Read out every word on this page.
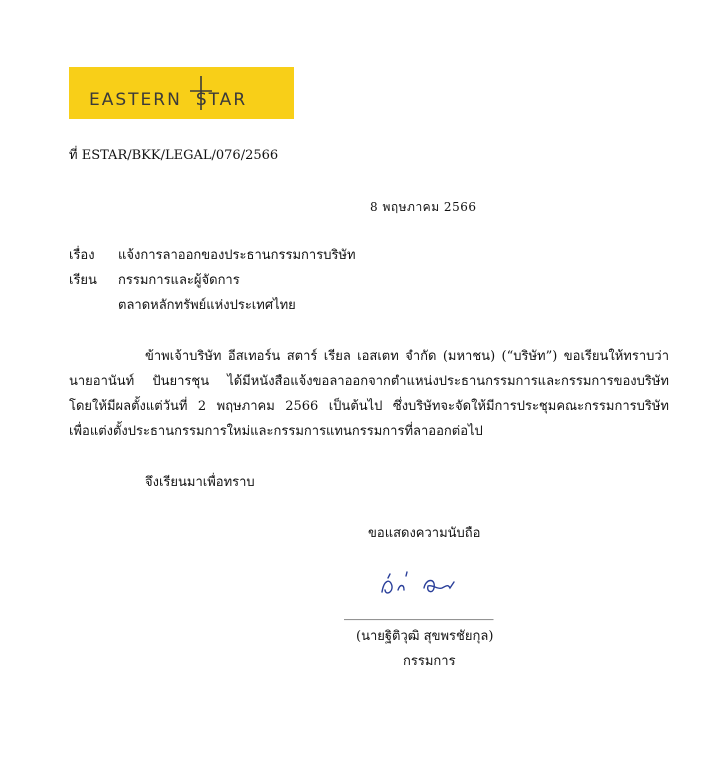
EASTERN STAR
ที่ ESTAR/BKK/LEGAL/076/2566
8 พฤษภาคม 2566
เรื่อง แจ้งการลาออกของประธานกรรมการบริษัท
เรียน กรรมการและผู้จัดการ
ตลาดหลักทรัพย์แห่งประเทศไทย
ข้าพเจ้าบริษัท อีสเทอร์น สตาร์ เรียล เอสเตท จำกัด (มหาชน) (“บริษัท”) ขอเรียนให้ทราบว่า
นายอานันท์ ปันยารชุน ได้มีหนังสือแจ้งขอลาออกจากตำแหน่งประธานกรรมการและกรรมการของบริษัท
โดยให้มีผลตั้งแต่วันที่ 2 พฤษภาคม 2566 เป็นต้นไป ซึ่งบริษัทจะจัดให้มีการประชุมคณะกรรมการบริษัท
เพื่อแต่งตั้งประธานกรรมการใหม่และกรรมการแทนกรรมการที่ลาออกต่อไป
จึงเรียนมาเพื่อทราบ
ขอแสดงความนับถือ
_______________________
(นายฐิติวุฒิ สุขพรชัยกุล)
กรรมการ
